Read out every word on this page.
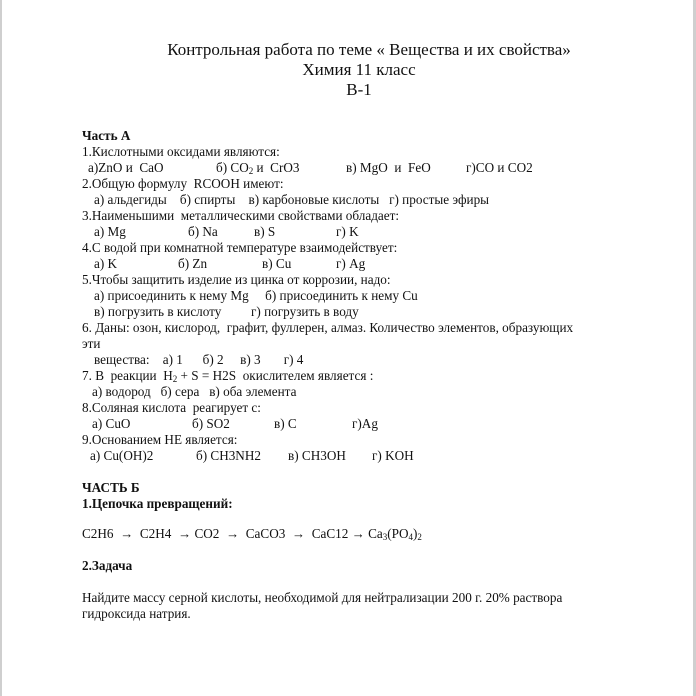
Контрольная работа по теме « Вещества и их свойства»
Химия 11 класс
В-1
Часть А
1.Кислотными оксидами являются:
а)ZnO и  CaO	б) $CO_2$ и  CrO3	в) MgO  и  FeO	г)CO и CO2
2.Общую формулу  RCOOH имеют:
а) альдегиды    б) спирты    в) карбоновые кислоты   г) простые эфиры
3.Наименьшими  металлическими свойствами обладает:
а) Mg	б) Na	в) S	г) K
4.С водой при комнатной температуре взаимодействует:
а) K	б) Zn	в) Cu	г) Ag
5.Чтобы защитить изделие из цинка от коррозии, надо:
а) присоединить к нему Mg     б) присоединить к нему Cu
в) погрузить в кислоту         г) погрузить в воду
6. Даны: озон, кислород,  графит, фуллерен, алмаз. Количество элементов, образующих
эти
вещества:    а) 1      б) 2     в) 3       г) 4
7. В  реакции  $H_2 + S = H2S$  окислителем является :
а) водород   б) сера   в) оба элемента
8.Соляная кислота  реагирует с:
а) CuO	б) SO2	в) C	г)Ag
9.Основанием НЕ является:
а) Cu(OH)2	б) CH3NH2 в) CH3OH г) KOH
ЧАСТЬ Б
1.Цепочка превращений:
C2H6  →  C2H4  → CO2  →  CaCO3  →  $CaC12 \to Ca_3(PO_4)_2$
2.Задача
Найдите массу серной кислоты, необходимой для нейтрализации 200 г. 20% раствора
гидроксида натрия.
